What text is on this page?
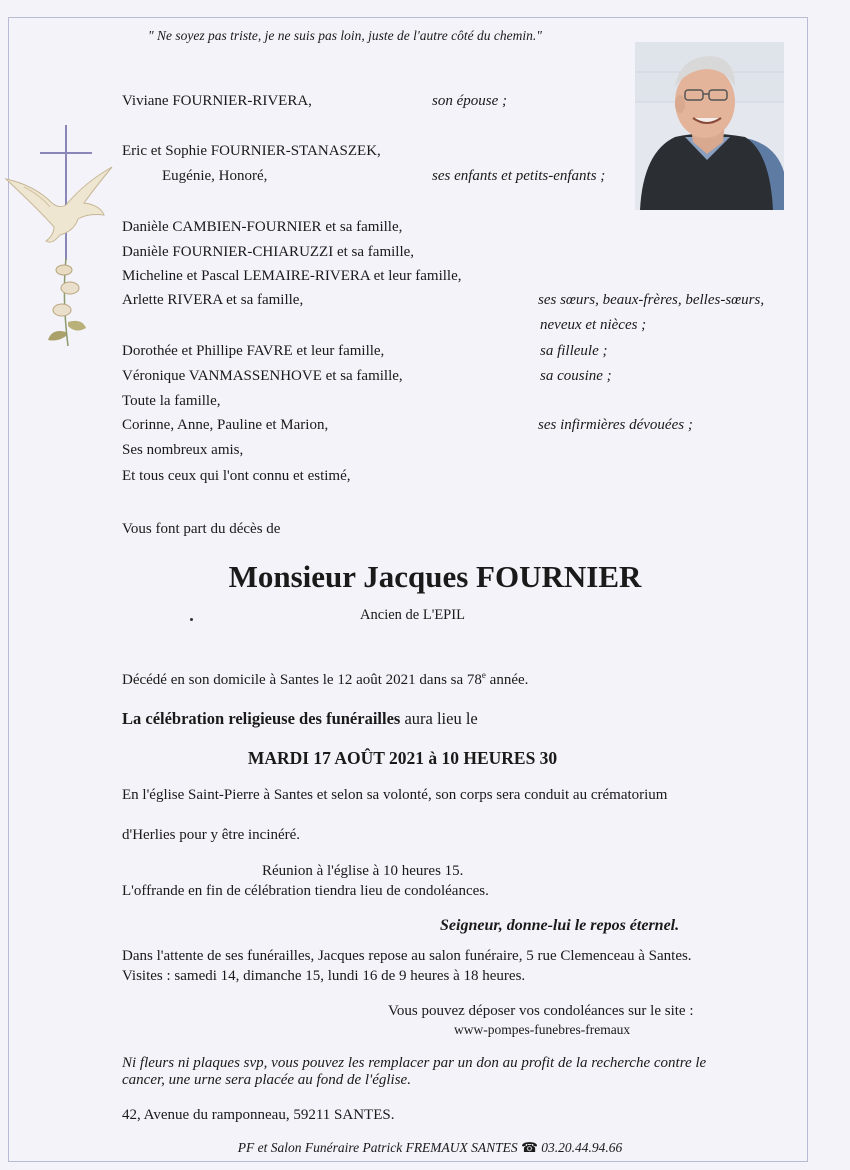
" Ne soyez pas triste, je ne suis pas loin, juste de l'autre côté du chemin."
Viviane FOURNIER-RIVERA,	son épouse ;
Eric et Sophie FOURNIER-STANASZEK,
Eugénie, Honoré,	ses enfants et petits-enfants ;
Danièle CAMBIEN-FOURNIER et sa famille,
Danièle FOURNIER-CHIARUZZI et sa famille,
Micheline et Pascal LEMAIRE-RIVERA et leur famille,
Arlette RIVERA et sa famille,	ses sœurs, beaux-frères, belles-sœurs,
neveux et nièces ;
Dorothée et Phillipe FAVRE et leur famille,	sa filleule ;
Véronique VANMASSENHOVE et sa famille,	sa cousine ;
Toute la famille,
Corinne, Anne, Pauline et Marion,	ses infirmières dévouées ;
Ses nombreux amis,
Et tous ceux qui l'ont connu et estimé,
Vous font part du décès de
Monsieur Jacques FOURNIER
Ancien de L'EPIL
Décédé en son domicile à Santes le 12 août 2021 dans sa 78e année.
La célébration religieuse des funérailles aura lieu le
MARDI 17 AOÛT 2021 à 10 HEURES 30
En l'église Saint-Pierre à Santes et selon sa volonté, son corps sera conduit au crématorium
d'Herlies pour y être incinéré.
Réunion à l'église à 10 heures 15.
L'offrande en fin de célébration tiendra lieu de condoléances.
Seigneur, donne-lui le repos éternel.
Dans l'attente de ses funérailles, Jacques repose au salon funéraire, 5 rue Clemenceau à Santes.
Visites : samedi 14, dimanche 15, lundi 16 de 9 heures à 18 heures.
Vous pouvez déposer vos condoléances sur le site :
www-pompes-funebres-fremaux
Ni fleurs ni plaques svp, vous pouvez les remplacer par un don au profit de la recherche contre le
cancer, une urne sera placée au fond de l'église.
42, Avenue du ramponneau, 59211 SANTES.
PF et Salon Funéraire Patrick FREMAUX SANTES ☎ 03.20.44.94.66
